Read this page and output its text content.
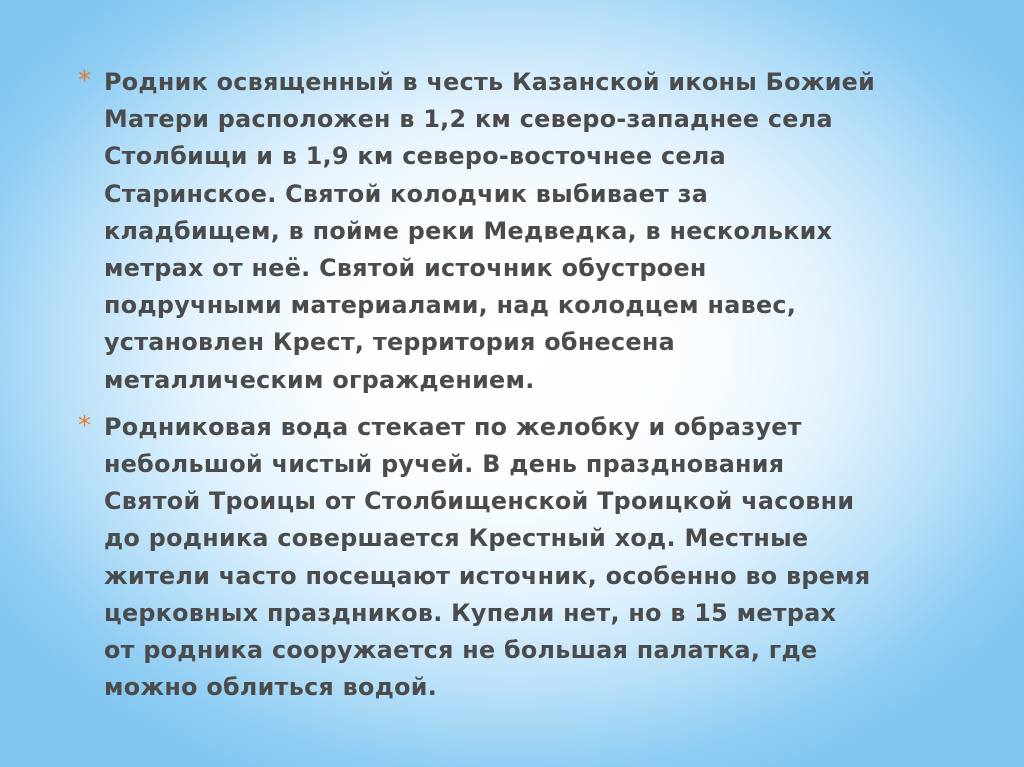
* Родник освященный в честь Казанской иконы Божией
Матери расположен в 1,2 км северо-западнее села
Столбищи и в 1,9 км северо-восточнее села
Старинское. Святой колодчик выбивает за
кладбищем, в пойме реки Медведка, в нескольких
метрах от неё. Святой источник обустроен
подручными материалами, над колодцем навес,
установлен Крест, территория обнесена
металлическим ограждением.
* Родниковая вода стекает по желобку и образует
небольшой чистый ручей. В день празднования
Святой Троицы от Столбищенской Троицкой часовни
до родника совершается Крестный ход. Местные
жители часто посещают источник, особенно во время
церковных праздников. Купели нет, но в 15 метрах
от родника сооружается не большая палатка, где
можно облиться водой.
